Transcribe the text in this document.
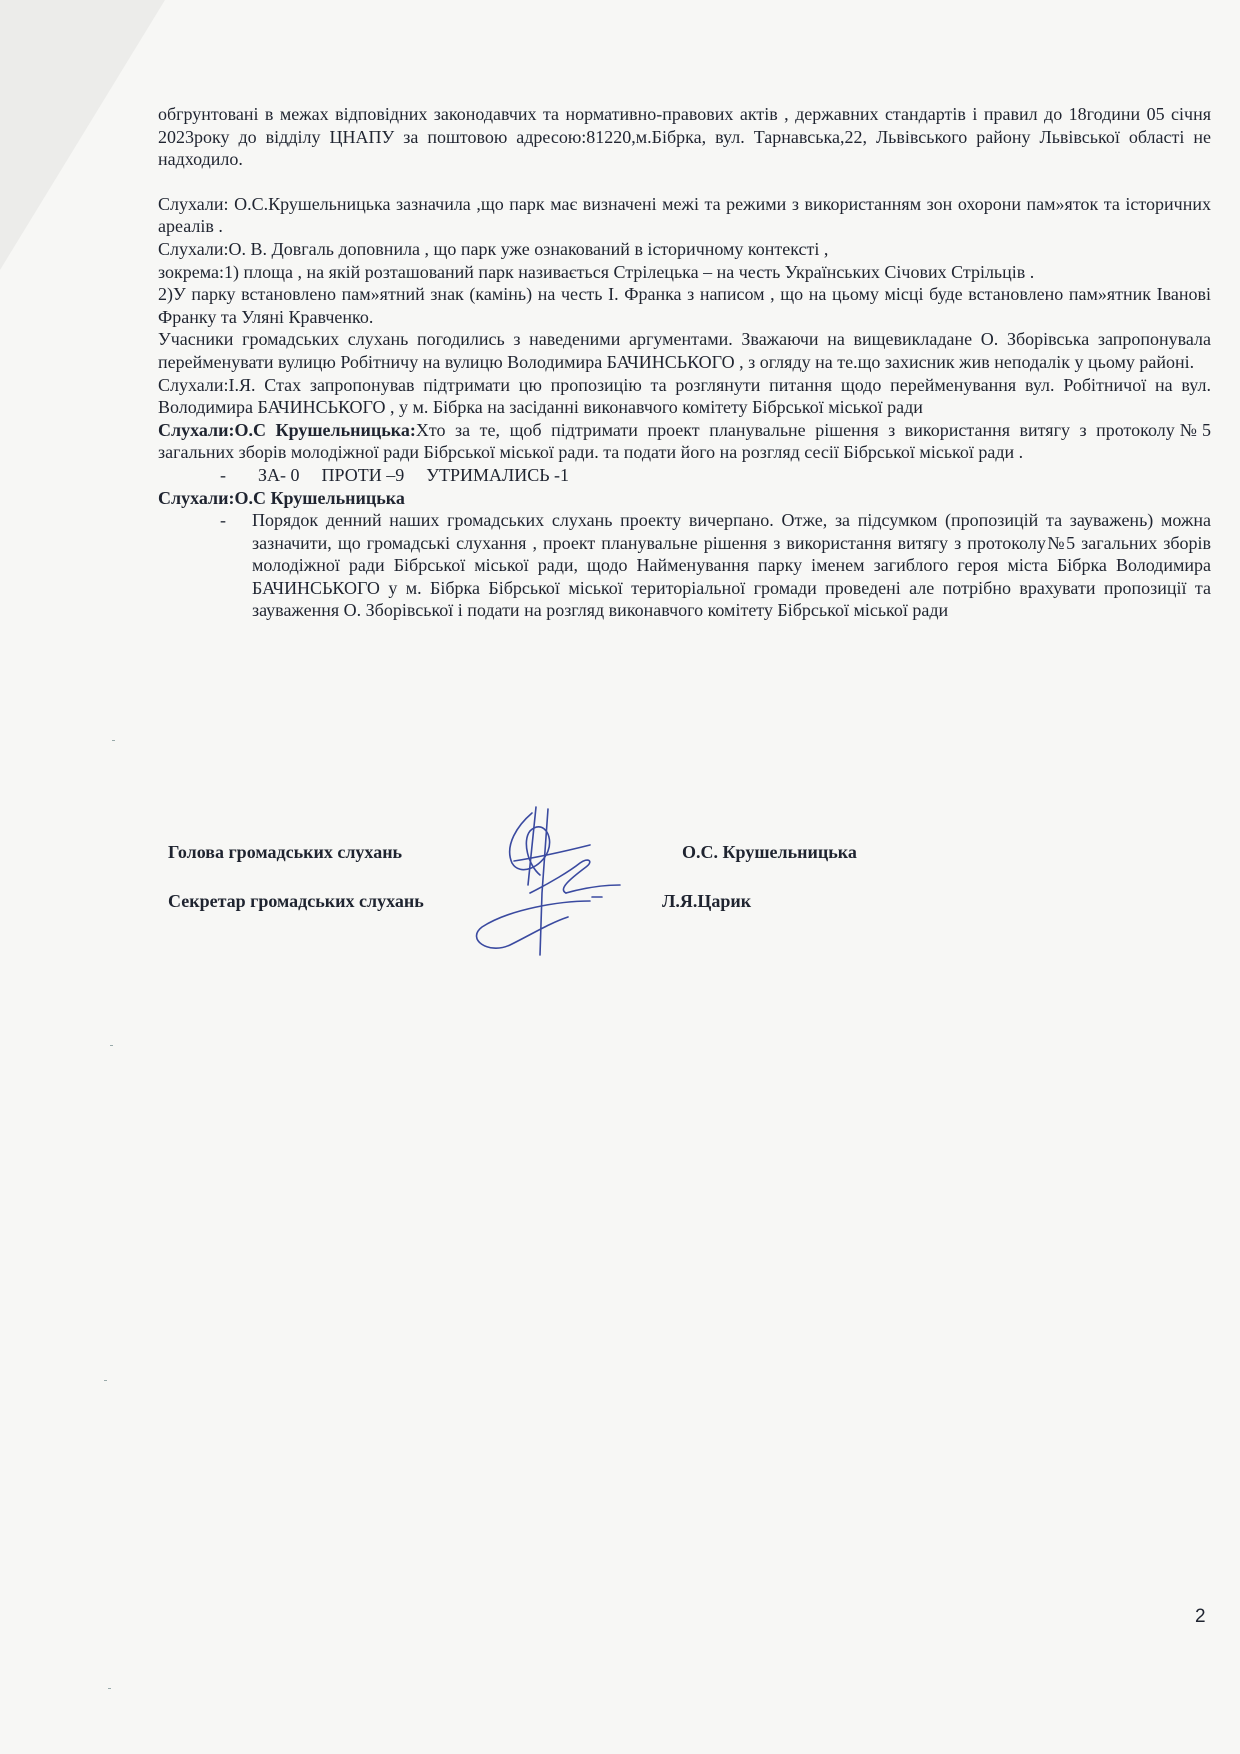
обгрунтовані в межах відповідних законодавчих та нормативно-правових актів , державних стандартів і правил до 18години 05 січня 2023року до відділу ЦНАПУ за поштовою адресою:81220,м.Бібрка, вул. Тарнавська,22, Львівського району Львівської області не надходило.

Слухали: О.С.Крушельницька зазначила ,що парк має визначені межі та режими з використанням зон охорони пам»яток та історичних ареалів .

Слухали:О. В. Довгаль доповнила , що парк уже ознакований в історичному контексті ,

зокрема:1) площа , на якій розташований парк називається Стрілецька – на честь Українських Січових Стрільців .

2)У парку встановлено пам»ятний знак (камінь) на честь І. Франка з написом , що на цьому місці буде встановлено пам»ятник Іванові Франку та Уляні Кравченко.

Учасники громадських слухань погодились з наведеними аргументами. Зважаючи на вищевикладане О. Зборівська запропонувала перейменувати вулицю Робітничу на вулицю Володимира БАЧИНСЬКОГО , з огляду на те.що захисник жив неподалік у цьому районі.

Слухали:І.Я. Стах запропонував підтримати цю пропозицію та розглянути питання щодо перейменування вул. Робітничої на вул. Володимира БАЧИНСЬКОГО , у м. Бібрка на засіданні виконавчого комітету Бібрської міської ради

Слухали:О.С Крушельницька:Хто за те, щоб підтримати проект планувальне рішення з використання витягу з протоколу№5 загальних зборів молодіжної ради Бібрської міської ради. та подати його на розгляд сесії Бібрської міської ради .

- ЗА- 0 ПРОТИ –9 УТРИМАЛИСЬ -1

Слухали:О.С Крушельницька

-	Порядок денний наших громадських слухань проекту вичерпано. Отже, за підсумком (пропозицій та зауважень) можна зазначити, що громадські слухання , проект планувальне рішення з використання витягу з протоколу№5 загальних зборів молодіжної ради Бібрської міської ради, щодо Найменування парку іменем загиблого героя міста Бібрка Володимира БАЧИНСЬКОГО у м. Бібрка Бібрської міської територіальної громади проведені але потрібно врахувати пропозиції та зауваження О. Зборівської і подати на розгляд виконавчого комітету Бібрської міської ради
Голова громадських слухань	О.С. Крушельницька
Секретар громадських слухань	Л.Я.Царик
2
